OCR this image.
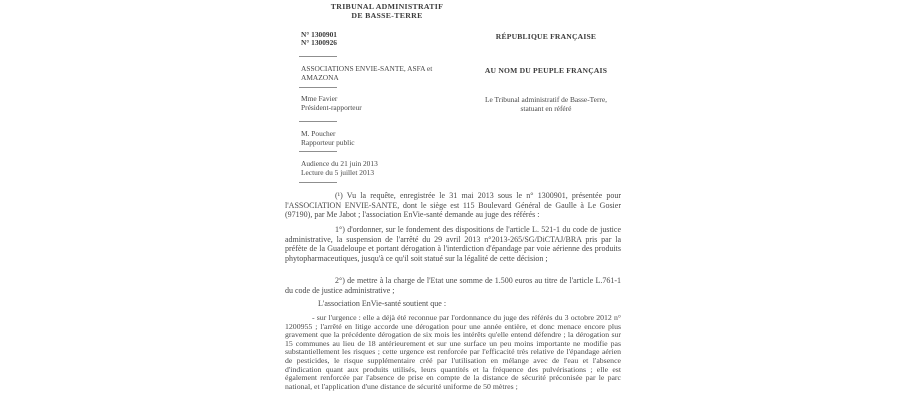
TRIBUNAL ADMINISTRATIF
DE BASSE-TERRE
N° 1300901
N° 1300926
RÉPUBLIQUE FRANÇAISE
ASSOCIATIONS ENVIE-SANTE, ASFA et
AMAZONA
AU NOM DU PEUPLE FRANÇAIS
Mme Favier
Président-rapporteur
Le Tribunal administratif de Basse-Terre,
statuant en référé
M. Poucher
Rapporteur public
Audience du 21 juin 2013
Lecture du 5 juillet 2013
(¹) Vu la requête, enregistrée le 31 mai 2013 sous le n° 1300901, présentée pour l'ASSOCIATION ENVIE-SANTE, dont le siège est 115 Boulevard Général de Gaulle à Le Gosier (97190), par Me Jabot ; l'association EnVie-santé demande au juge des référés :
1°) d'ordonner, sur le fondement des dispositions de l'article L. 521-1 du code de justice administrative, la suspension de l'arrêté du 29 avril 2013 n°2013-265/SG/DiCTAJ/BRA pris par la préfète de la Guadeloupe et portant dérogation à l'interdiction d'épandage par voie aérienne des produits phytopharmaceutiques, jusqu'à ce qu'il soit statué sur la légalité de cette décision ;
2°) de mettre à la charge de l'Etat une somme de 1.500 euros au titre de l'article L.761-1 du code de justice administrative ;
L'association EnVie-santé soutient que :
- sur l'urgence : elle a déjà été reconnue par l'ordonnance du juge des référés du 3 octobre 2012 n° 1200955 ; l'arrêté en litige accorde une dérogation pour une année entière, et donc menace encore plus gravement que la précédente dérogation de six mois les intérêts qu'elle entend défendre ; la dérogation sur 15 communes au lieu de 18 antérieurement et sur une surface un peu moins importante ne modifie pas substantiellement les risques ; cette urgence est renforcée par l'efficacité très relative de l'épandage aérien de pesticides, le risque supplémentaire créé par l'utilisation en mélange avec de l'eau et l'absence d'indication quant aux produits utilisés, leurs quantités et la fréquence des pulvérisations ; elle est également renforcée par l'absence de prise en compte de la distance de sécurité préconisée par le parc national, et l'application d'une distance de sécurité uniforme de 50 mètres ;
